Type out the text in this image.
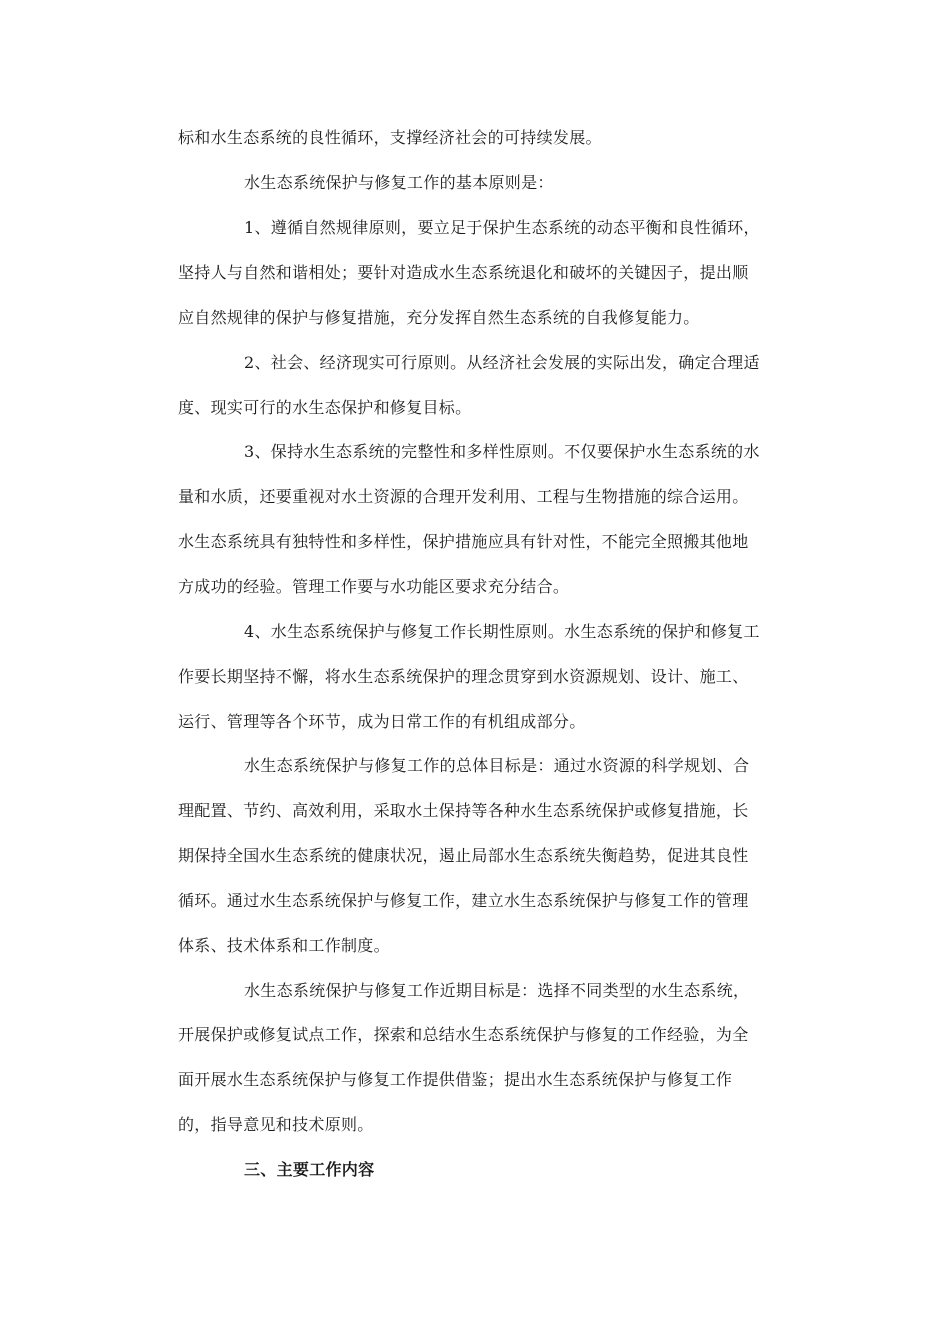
标和水生态系统的良性循环，支撑经济社会的可持续发展。
水生态系统保护与修复工作的基本原则是：
1、遵循自然规律原则，要立足于保护生态系统的动态平衡和良性循环，
坚持人与自然和谐相处；要针对造成水生态系统退化和破坏的关键因子，提出顺
应自然规律的保护与修复措施，充分发挥自然生态系统的自我修复能力。
2、社会、经济现实可行原则。从经济社会发展的实际出发，确定合理适
度、现实可行的水生态保护和修复目标。
3、保持水生态系统的完整性和多样性原则。不仅要保护水生态系统的水
量和水质，还要重视对水土资源的合理开发利用、工程与生物措施的综合运用。
水生态系统具有独特性和多样性，保护措施应具有针对性，不能完全照搬其他地
方成功的经验。管理工作要与水功能区要求充分结合。
4、水生态系统保护与修复工作长期性原则。水生态系统的保护和修复工
作要长期坚持不懈，将水生态系统保护的理念贯穿到水资源规划、设计、施工、
运行、管理等各个环节，成为日常工作的有机组成部分。
水生态系统保护与修复工作的总体目标是：通过水资源的科学规划、合
理配置、节约、高效利用，采取水土保持等各种水生态系统保护或修复措施，长
期保持全国水生态系统的健康状况，遏止局部水生态系统失衡趋势，促进其良性
循环。通过水生态系统保护与修复工作，建立水生态系统保护与修复工作的管理
体系、技术体系和工作制度。
水生态系统保护与修复工作近期目标是：选择不同类型的水生态系统，
开展保护或修复试点工作，探索和总结水生态系统保护与修复的工作经验，为全
面开展水生态系统保护与修复工作提供借鉴；提出水生态系统保护与修复工作
的，指导意见和技术原则。
三、主要工作内容
